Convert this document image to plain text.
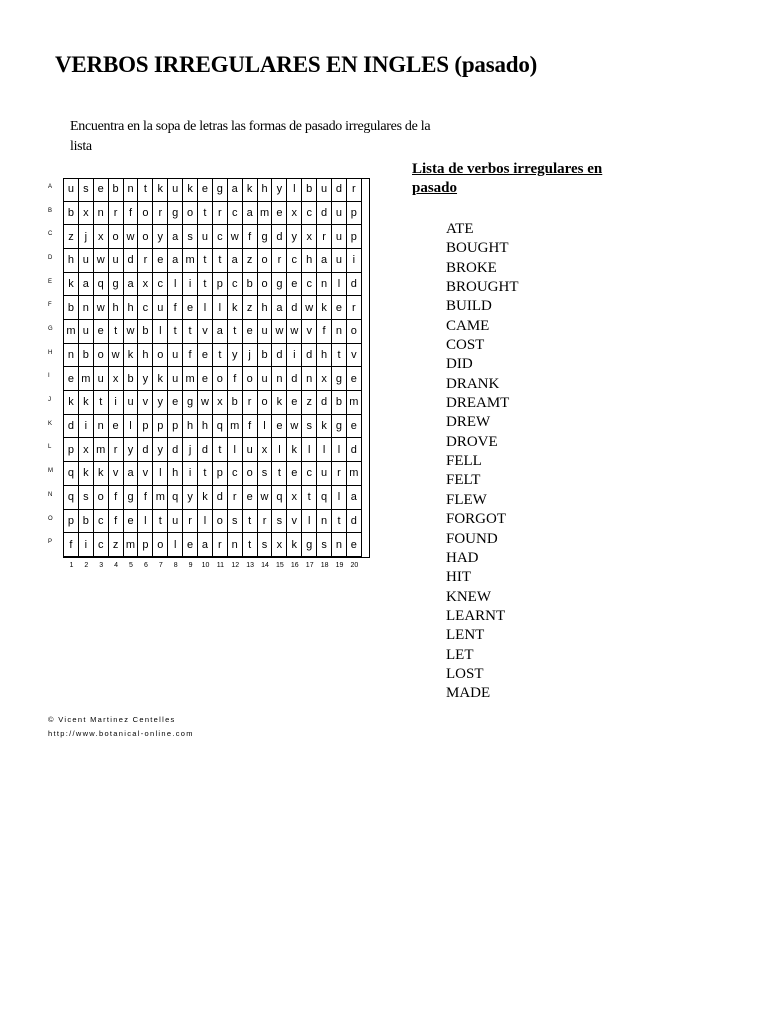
VERBOS IRREGULARES EN INGLES (pasado)
Encuentra en la sopa de letras las formas de pasado irregulares de la lista
A	u s e b n t k u k e g a k h y l b u d r
B	b x n r	f o r g o t	r c a m e x c d u p
C	z j x o w o y a s u c w f g d y x r u p
D	h u w u d r e a m t	t a z o r c h a u i
E	k a q g a x c l	i	t p c b o g e c n l d
F	b n w h h c u f e l	l k z h a d w k e r
G	m u e t w b l	t	t v a t e u w w v f n o
H	n b o w k h o u f e t y j b d i d h t v
I	e m u x b y k u m e o f o u n d n x g e
J	k k t	i u v y e g w x b r o k e z d b m
K	d i n e l p p p h h q m f	l e w s k g e
L	p x m r y d y d j d t	l u x l k l	l	l d
M	q k k v a v l h i	t p c o s t e c u r m
N	q s o f g f m q y k d r e w q x t q l a
O	p b c f e l	t u r	l o s t	r s v l n t d
P	f	i c z m p o l e a r n t s x k g s n e
1	2	3	4	5	6	7	8	9	10	11	12	13	14	15	16	17	18	19	20
Lista de verbos irregulares en pasado
ATE
BOUGHT
BROKE
BROUGHT
BUILD
CAME
COST
DID
DRANK
DREAMT
DREW
DROVE
FELL
FELT
FLEW
FORGOT
FOUND
HAD
HIT
KNEW
LEARNT
LENT
LET
LOST
MADE
© Vicent Martinez Centelles
http://www.botanical-online.com
